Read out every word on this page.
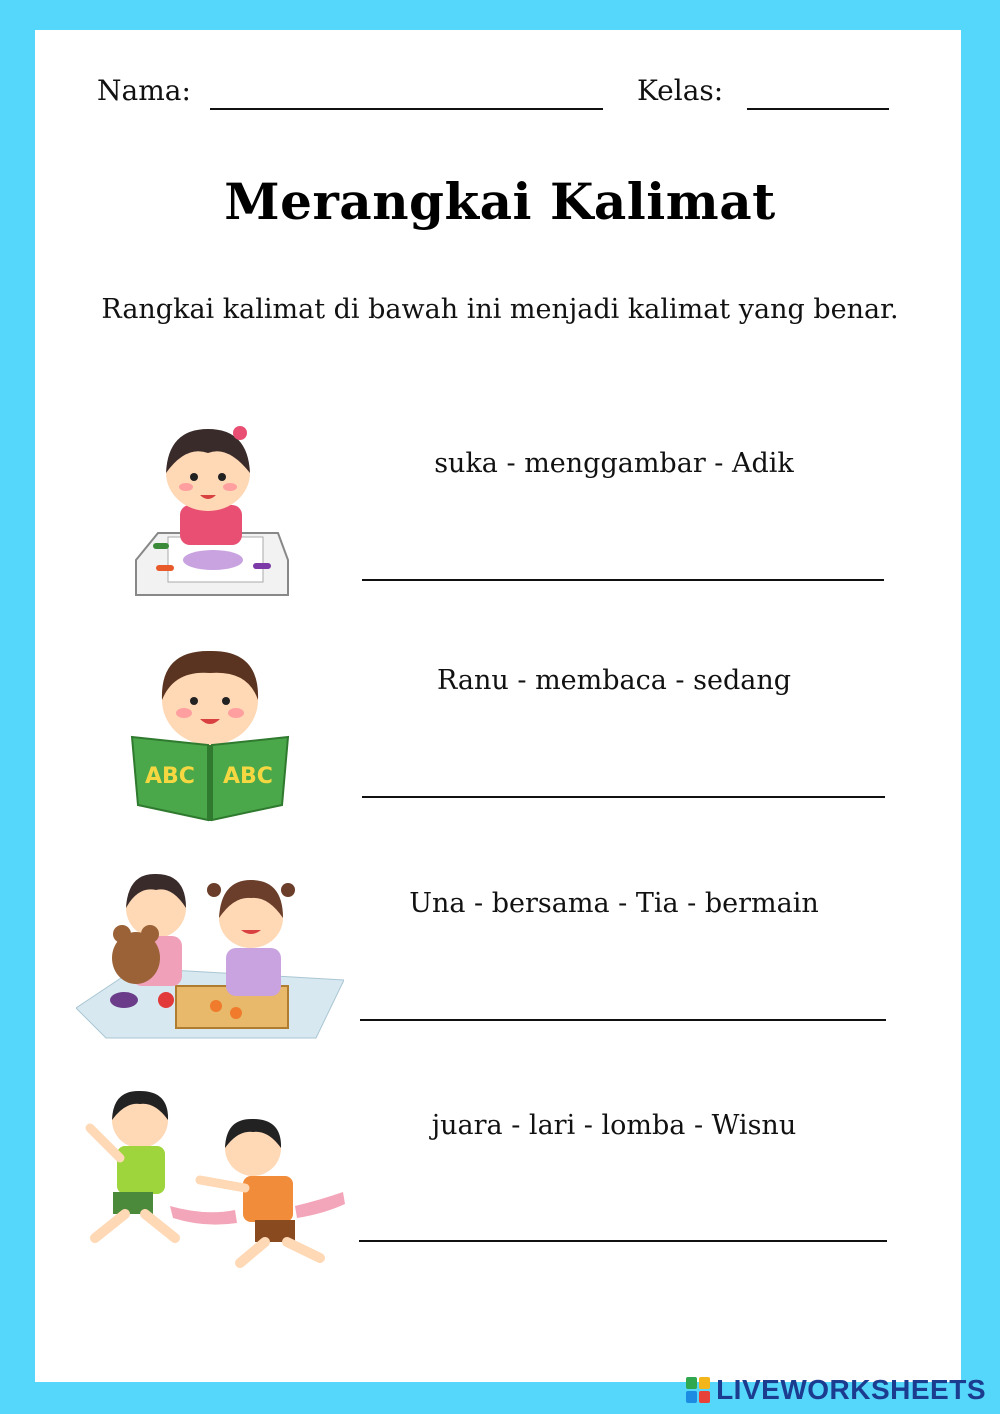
Nama:	Kelas:
Merangkai Kalimat
Rangkai kalimat di bawah ini menjadi kalimat yang benar.
suka - menggambar - Adik
ABC ABC
Ranu - membaca - sedang
Una - bersama - Tia - bermain
juara - lari - lomba - Wisnu
LIVEWORKSHEETS
